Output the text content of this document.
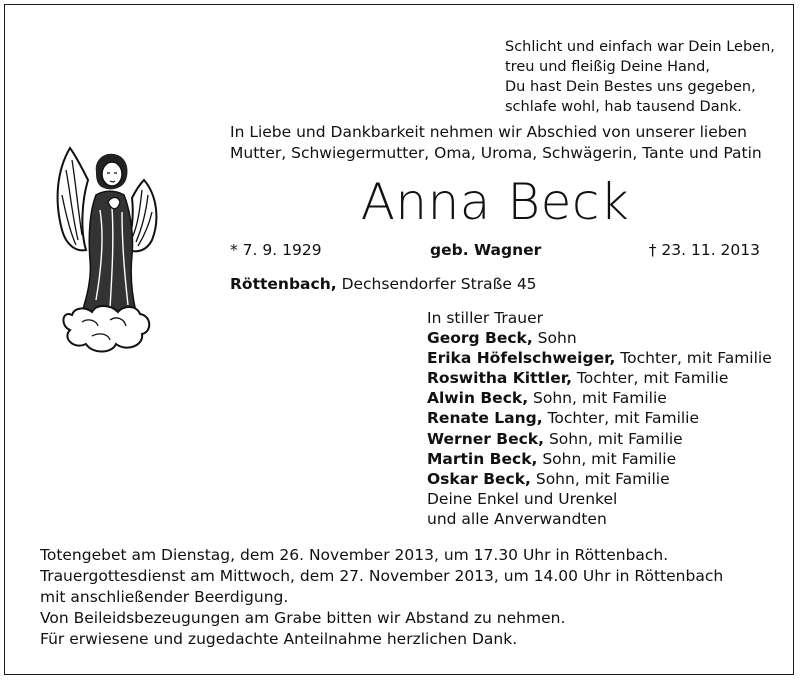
Schlicht und einfach war Dein Leben,
treu und fleißig Deine Hand,
Du hast Dein Bestes uns gegeben,
schlafe wohl, hab tausend Dank.
In Liebe und Dankbarkeit nehmen wir Abschied von unserer lieben
Mutter, Schwiegermutter, Oma, Uroma, Schwägerin, Tante und Patin
Anna Beck
* 7. 9. 1929	geb. Wagner	† 23. 11. 2013
Röttenbach, Dechsendorfer Straße 45
In stiller Trauer
Georg Beck, Sohn
Erika Höfelschweiger, Tochter, mit Familie
Roswitha Kittler, Tochter, mit Familie
Alwin Beck, Sohn, mit Familie
Renate Lang, Tochter, mit Familie
Werner Beck, Sohn, mit Familie
Martin Beck, Sohn, mit Familie
Oskar Beck, Sohn, mit Familie
Deine Enkel und Urenkel
und alle Anverwandten
Totengebet am Dienstag, dem 26. November 2013, um 17.30 Uhr in Röttenbach.
Trauergottesdienst am Mittwoch, dem 27. November 2013, um 14.00 Uhr in Röttenbach
mit anschließender Beerdigung.
Von Beileidsbezeugungen am Grabe bitten wir Abstand zu nehmen.
Für erwiesene und zugedachte Anteilnahme herzlichen Dank.
